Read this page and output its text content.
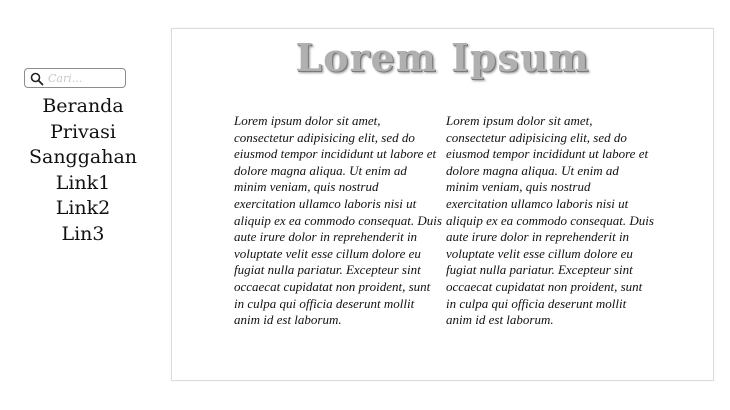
Cari...
Beranda
Privasi
Sanggahan
Link1
Link2
Lin3
Lorem Ipsum
Lorem ipsum dolor sit amet, consectetur adipisicing elit, sed do eiusmod tempor incididunt ut labore et dolore magna aliqua. Ut enim ad minim veniam, quis nostrud exercitation ullamco laboris nisi ut aliquip ex ea commodo consequat. Duis aute irure dolor in reprehenderit in voluptate velit esse cillum dolore eu fugiat nulla pariatur. Excepteur sint occaecat cupidatat non proident, sunt in culpa qui officia deserunt mollit anim id est laborum.
Lorem ipsum dolor sit amet, consectetur adipisicing elit, sed do eiusmod tempor incididunt ut labore et dolore magna aliqua. Ut enim ad minim veniam, quis nostrud exercitation ullamco laboris nisi ut aliquip ex ea commodo consequat. Duis aute irure dolor in reprehenderit in voluptate velit esse cillum dolore eu fugiat nulla pariatur. Excepteur sint occaecat cupidatat non proident, sunt in culpa qui officia deserunt mollit anim id est laborum.
